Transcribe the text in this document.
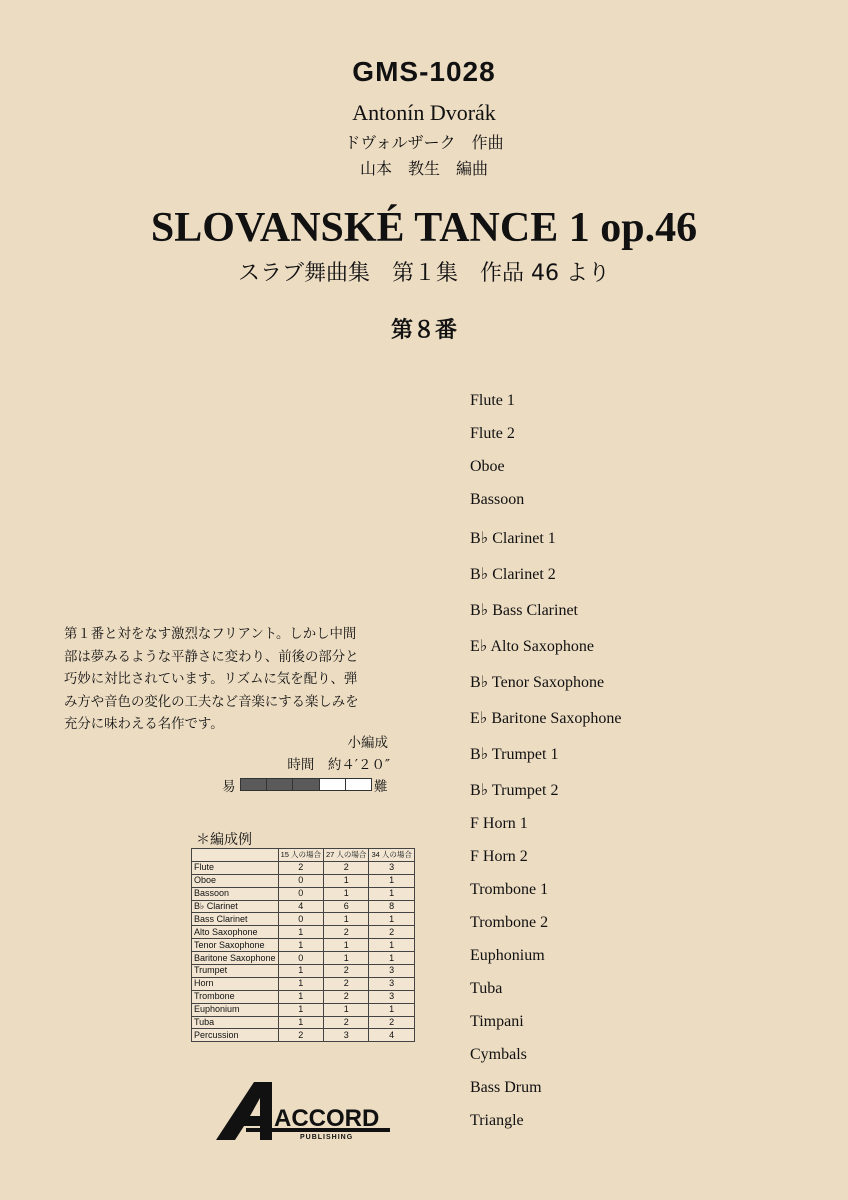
GMS-1028
Antonín Dvorák
ドヴォルザーク　作曲
山本　教生　編曲
SLOVANSKÉ TANCE 1 op.46
スラブ舞曲集　第１集　作品 46 より
第８番
Flute 1
Flute 2
Oboe
Bassoon
B♭ Clarinet 1
B♭ Clarinet 2
B♭ Bass Clarinet
E♭ Alto Saxophone
B♭ Tenor Saxophone
E♭ Baritone Saxophone
B♭ Trumpet 1
B♭ Trumpet 2
F Horn 1
F Horn 2
Trombone 1
Trombone 2
Euphonium
Tuba
Timpani
Cymbals
Bass Drum
Triangle
第１番と対をなす激烈なフリアント。しかし中間
部は夢みるような平静さに変わり、前後の部分と
巧妙に対比されています。リズムに気を配り、弾
み方や音色の変化の工夫など音楽にする楽しみを
充分に味わえる名作です。
小編成
時間　約４′２０″
易	難
＊編成例
	15 人の場合	27 人の場合	34 人の場合
Flute	2	2	3
Oboe	0	1	1
Bassoon	0	1	1
B♭ Clarinet	4	6	8
Bass Clarinet	0	1	1
Alto Saxophone	1	2	2
Tenor Saxophone	1	1	1
Baritone Saxophone	0	1	1
Trumpet	1	2	3
Horn	1	2	3
Trombone	1	2	3
Euphonium	1	1	1
Tuba	1	2	2
Percussion	2	3	4
ACCORD
PUBLISHING
